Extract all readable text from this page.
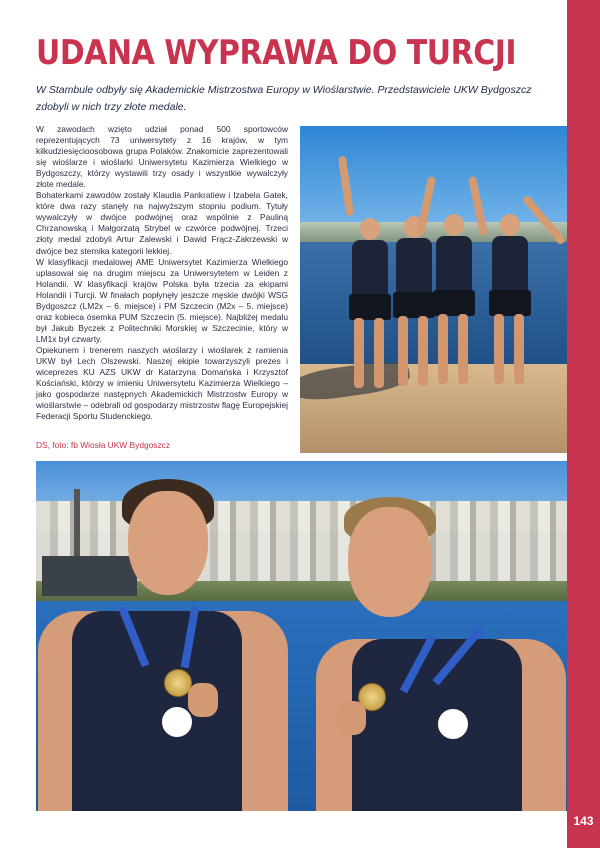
143
UDANA WYPRAWA DO TURCJI
W Stambule odbyły się Akademickie Mistrzostwa Europy w Wioślarstwie. Przedstawiciele UKW Bydgoszcz zdobyli w nich trzy złote medale.

W zawodach wzięto udział ponad 500 sportowców reprezentujących 73 uniwersytety z 16 krajów, w tym kilkudziesięcioosobowa grupa Polaków. Znakomicie zaprezentowali się wioślarze i wioślarki Uniwersytetu Kazimierza Wielkiego w Bydgoszczy, którzy wystawili trzy osady i wszystkie wywalczyły złote medale.

Bohaterkami zawodów zostały Klaudia Pankratiew i Izabela Gatek, które dwa razy stanęły na najwyższym stopniu podium. Tytuły wywalczyły w dwójce podwójnej oraz wspólnie z Pauliną Chrzanowską i Małgorzatą Strybel w czwórce podwójnej. Trzeci złoty medal zdobyli Artur Zalewski i Dawid Frącz-Zakrzewski w dwójce bez sternika kategorii lekkiej.

W klasyfikacji medalowej AME Uniwersytet Kazimierza Wielkiego uplasował się na drugim miejscu za Uniwersytetem w Leiden z Holandii. W klasyfikacji krajów Polska była trzecia za ekipami Holandii i Turcji. W finałach popłynęły jeszcze męskie dwójki WSG Bydgoszcz (LM2x – 6. miejsce) i PM Szczecin (M2x – 5. miejsce) oraz kobieca ósemka PUM Szczecin (5. miejsce). Najbliżej medalu był Jakub Byczek z Politechniki Morskiej w Szczecinie, który w LM1x był czwarty.

Opiekunem i trenerem naszych wioślarzy i wioślarek z ramienia UKW był Lech Olszewski. Naszej ekipie towarzyszyli prezes i wiceprezes KU AZS UKW dr Katarzyna Domańska i Krzysztof Kościański, którzy w imieniu Uniwersytetu Kazimierza Wielkiego – jako gospodarze następnych Akademickich Mistrzostw Europy w wioślarstwie – odebrali od gospodarzy mistrzostw flagę Europejskiej Federacji Sportu Studenckiego.

DS, foto: fb Wiosła UKW Bydgoszcz
